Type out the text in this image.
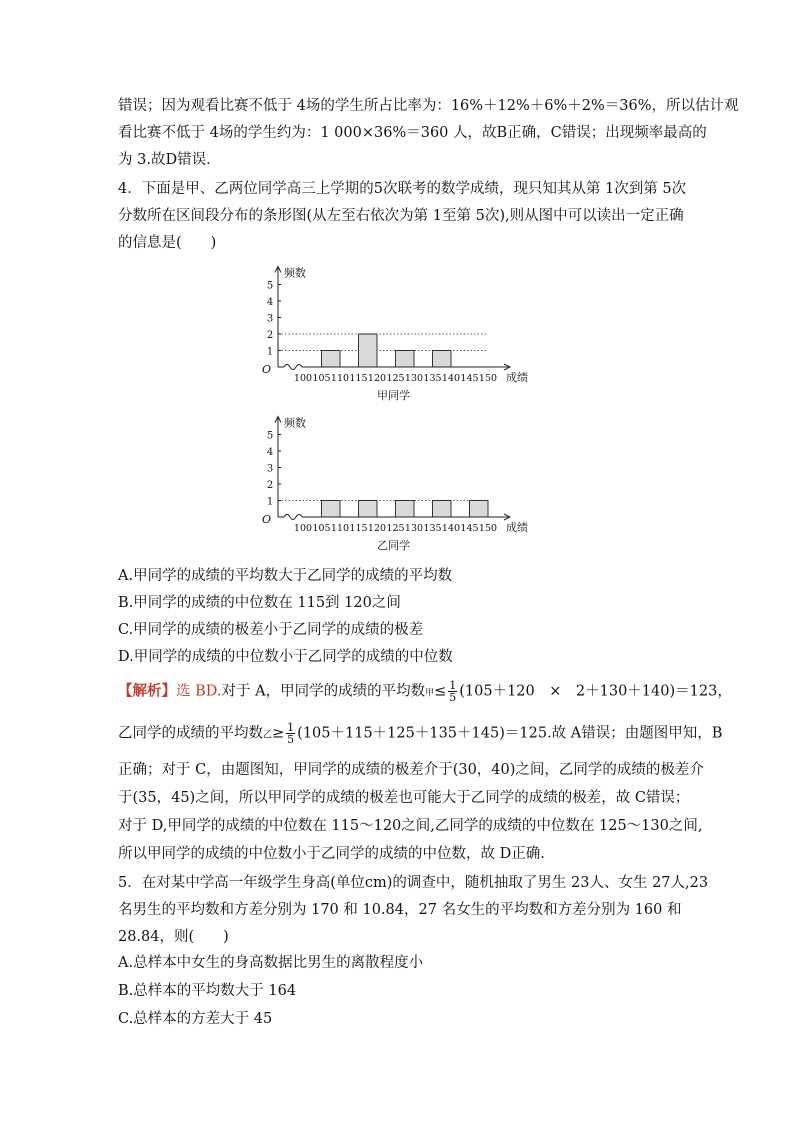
错误；因为观看比赛不低于 4场的学生所占比率为：16%＋12%＋6%＋2%＝36%，所以估计观
看比赛不低于 4场的学生约为：1 000×36%＝360 人，故B正确，C错误；出现频率最高的
为 3.故D错误．
4．下面是甲、乙两位同学高三上学期的5次联考的数学成绩，现只知其从第 1次到第 5次
分数所在区间段分布的条形图(从左至右依次为第 1至第 5次),则从图中可以读出一定正确
的信息是(　　)
1
2
3
4
5
100 105 110 115 120 125 130 135 140 145 150
O
频数
成绩
甲同学
1
2
3
4
5
100 105 110 115 120 125 130 135 140 145 150
O
频数
成绩
乙同学
A.甲同学的成绩的平均数大于乙同学的成绩的平均数
B.甲同学的成绩的中位数在 115到 120之间
C.甲同学的成绩的极差小于乙同学的成绩的极差
D.甲同学的成绩的中位数小于乙同学的成绩的中位数
【解析】选 BD.对于 A，甲同学的成绩的平均数甲≤ $\frac{1}{5} (105+120$　×　2＋130＋140)＝123，
乙同学的成绩的平均数乙≥ $\frac{1}{5} (105+115+125+135+145)=125$.故 A错误；由题图甲知，B
正确；对于 C，由题图知，甲同学的成绩的极差介于(30，40)之间，乙同学的成绩的极差介
于(35，45)之间，所以甲同学的成绩的极差也可能大于乙同学的成绩的极差，故 C错误；
对于 D,甲同学的成绩的中位数在 115～120之间,乙同学的成绩的中位数在 125～130之间,
所以甲同学的成绩的中位数小于乙同学的成绩的中位数，故 D正确.
5．在对某中学高一年级学生身高(单位cm)的调查中，随机抽取了男生 23人、女生 27人,23
名男生的平均数和方差分别为 170 和 10.84，27 名女生的平均数和方差分别为 160 和
28.84，则(　　)
A.总样本中女生的身高数据比男生的离散程度小
B.总样本的平均数大于 164
C.总样本的方差大于 45
